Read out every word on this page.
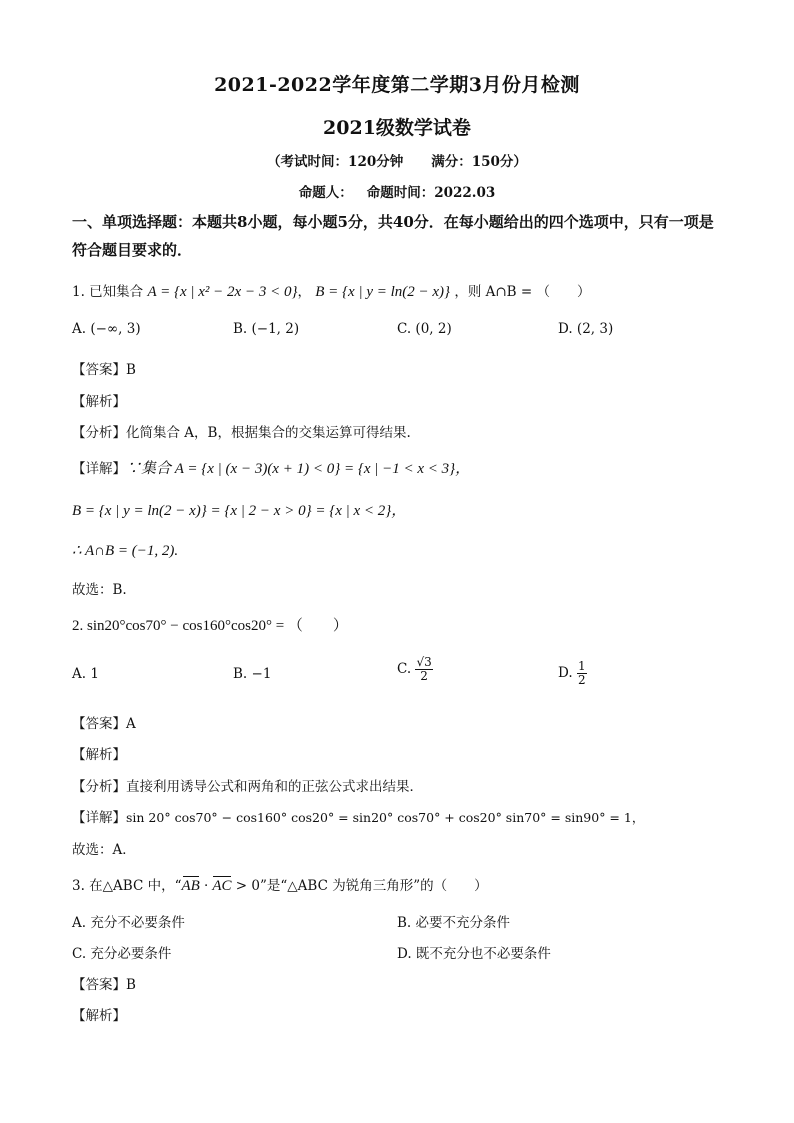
2021-2022学年度第二学期3月份月检测
2021级数学试卷
（考试时间：120分钟 满分：150分）
命题人： 命题时间：2022.03
一、单项选择题：本题共8小题，每小题5分，共40分．在每小题给出的四个选项中，只有一项是符合题目要求的．
1. 已知集合 A = {x | x² − 2x − 3 < 0}， B = {x | y = ln(2 − x)} ，则 A∩B = （　　）
A. (−∞, 3)	B. (−1, 2)	C. (0, 2)	D. (2, 3)
【答案】B
【解析】
【分析】化简集合 A，B，根据集合的交集运算可得结果.
【详解】∵集合 A = {x | (x − 3)(x + 1) < 0} = {x | −1 < x < 3}，
B = {x | y = ln(2 − x)} = {x | 2 − x > 0} = {x | x < 2}，
∴ A∩B = (−1, 2).
故选：B.
2. sin20°cos70° − cos160°cos20° = （　　）
A. 1	B. −1	C. $\frac{√3}{2}$	D. $\frac{1}{2}$
【答案】A
【解析】
【分析】直接利用诱导公式和两角和的正弦公式求出结果．
【详解】sin 20° cos70° − cos160° cos20° = sin20° cos70° + cos20° sin70° = sin90° = 1，
故选：A．
3. 在△ABC 中，“AB · AC > 0”是“△ABC 为锐角三角形”的（　　）
A. 充分不必要条件	B. 必要不充分条件
C. 充分必要条件	D. 既不充分也不必要条件
【答案】B
【解析】
